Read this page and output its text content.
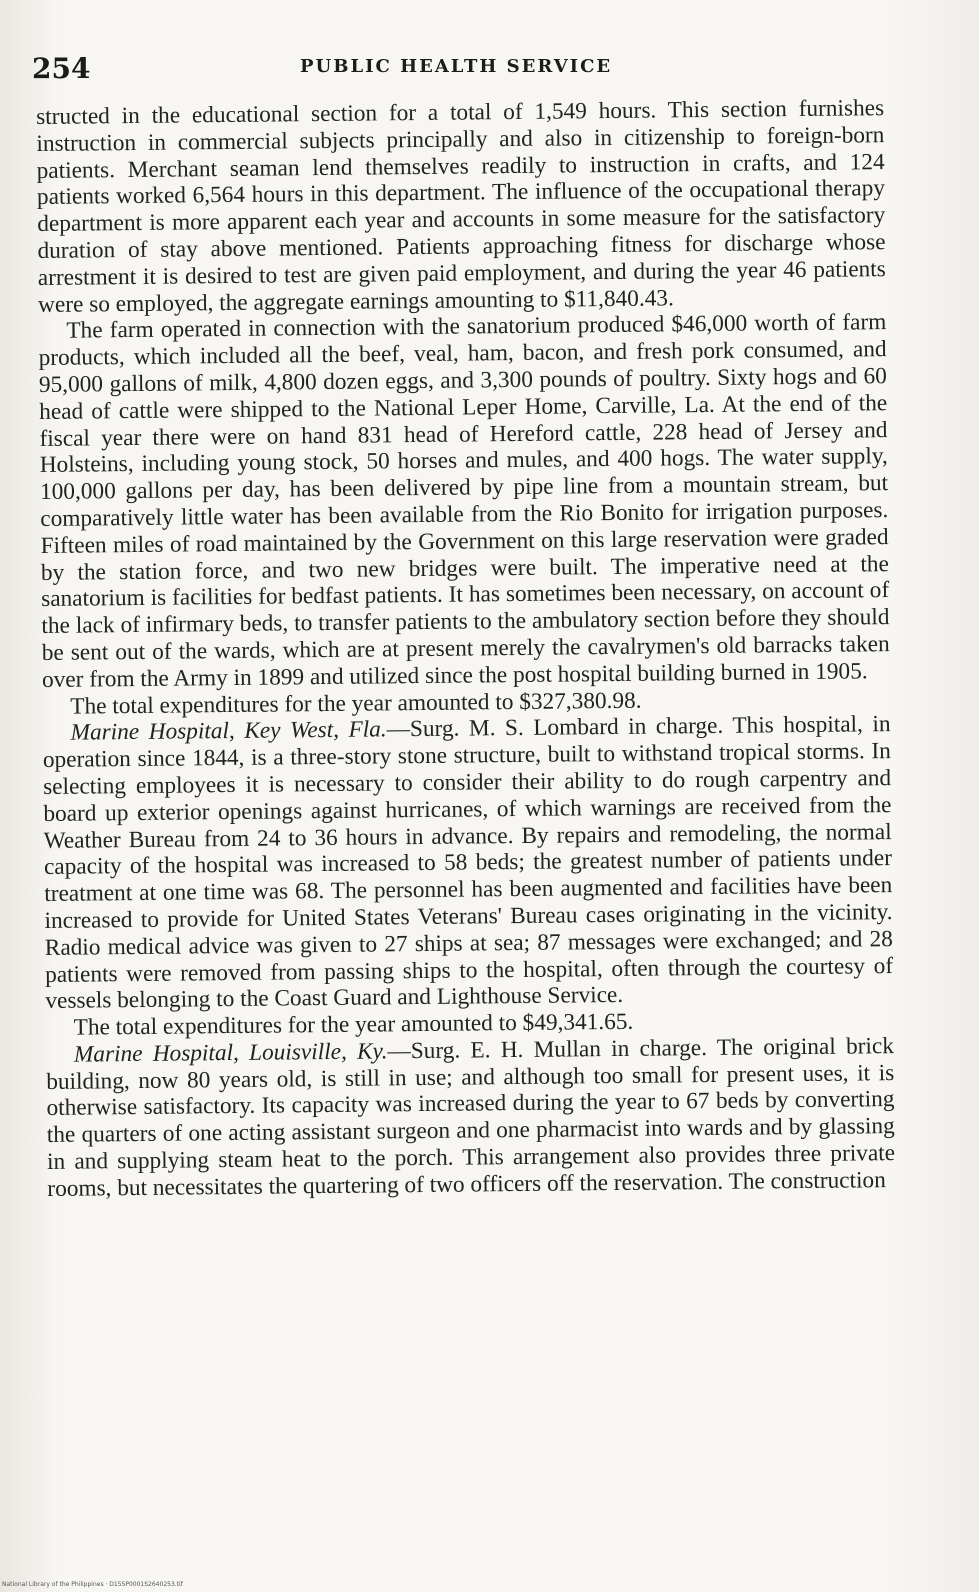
254	PUBLIC HEALTH SERVICE

structed in the educational section for a total of 1,549 hours. This section furnishes instruction in commercial subjects principally and also in citizenship to foreign-born patients. Merchant seaman lend themselves readily to instruction in crafts, and 124 patients worked 6,564 hours in this department. The influence of the occupational therapy department is more apparent each year and accounts in some measure for the satisfactory duration of stay above mentioned. Patients approaching fitness for discharge whose arrestment it is desired to test are given paid employment, and during the year 46 patients were so employed, the aggregate earnings amounting to $11,840.43.

The farm operated in connection with the sanatorium produced $46,000 worth of farm products, which included all the beef, veal, ham, bacon, and fresh pork consumed, and 95,000 gallons of milk, 4,800 dozen eggs, and 3,300 pounds of poultry. Sixty hogs and 60 head of cattle were shipped to the National Leper Home, Carville, La. At the end of the fiscal year there were on hand 831 head of Hereford cattle, 228 head of Jersey and Holsteins, including young stock, 50 horses and mules, and 400 hogs. The water supply, 100,000 gallons per day, has been delivered by pipe line from a mountain stream, but comparatively little water has been available from the Rio Bonito for irrigation purposes. Fifteen miles of road maintained by the Government on this large reservation were graded by the station force, and two new bridges were built. The imperative need at the sanatorium is facilities for bedfast patients. It has sometimes been necessary, on account of the lack of infirmary beds, to transfer patients to the ambulatory section before they should be sent out of the wards, which are at present merely the cavalrymen's old barracks taken over from the Army in 1899 and utilized since the post hospital building burned in 1905.

The total expenditures for the year amounted to $327,380.98.

Marine Hospital, Key West, Fla.—Surg. M. S. Lombard in charge. This hospital, in operation since 1844, is a three-story stone structure, built to withstand tropical storms. In selecting employees it is necessary to consider their ability to do rough carpentry and board up exterior openings against hurricanes, of which warnings are received from the Weather Bureau from 24 to 36 hours in advance. By repairs and remodeling, the normal capacity of the hospital was increased to 58 beds; the greatest number of patients under treatment at one time was 68. The personnel has been augmented and facilities have been increased to provide for United States Veterans' Bureau cases originating in the vicinity. Radio medical advice was given to 27 ships at sea; 87 messages were exchanged; and 28 patients were removed from passing ships to the hospital, often through the courtesy of vessels belonging to the Coast Guard and Lighthouse Service.

The total expenditures for the year amounted to $49,341.65.

Marine Hospital, Louisville, Ky.—Surg. E. H. Mullan in charge. The original brick building, now 80 years old, is still in use; and although too small for present uses, it is otherwise satisfactory. Its capacity was increased during the year to 67 beds by converting the quarters of one acting assistant surgeon and one pharmacist into wards and by glassing in and supplying steam heat to the porch. This arrangement also provides three private rooms, but necessitates the quartering of two officers off the reservation. The construction

National Library of the Philippines · D15SP0001S2640253.tif
